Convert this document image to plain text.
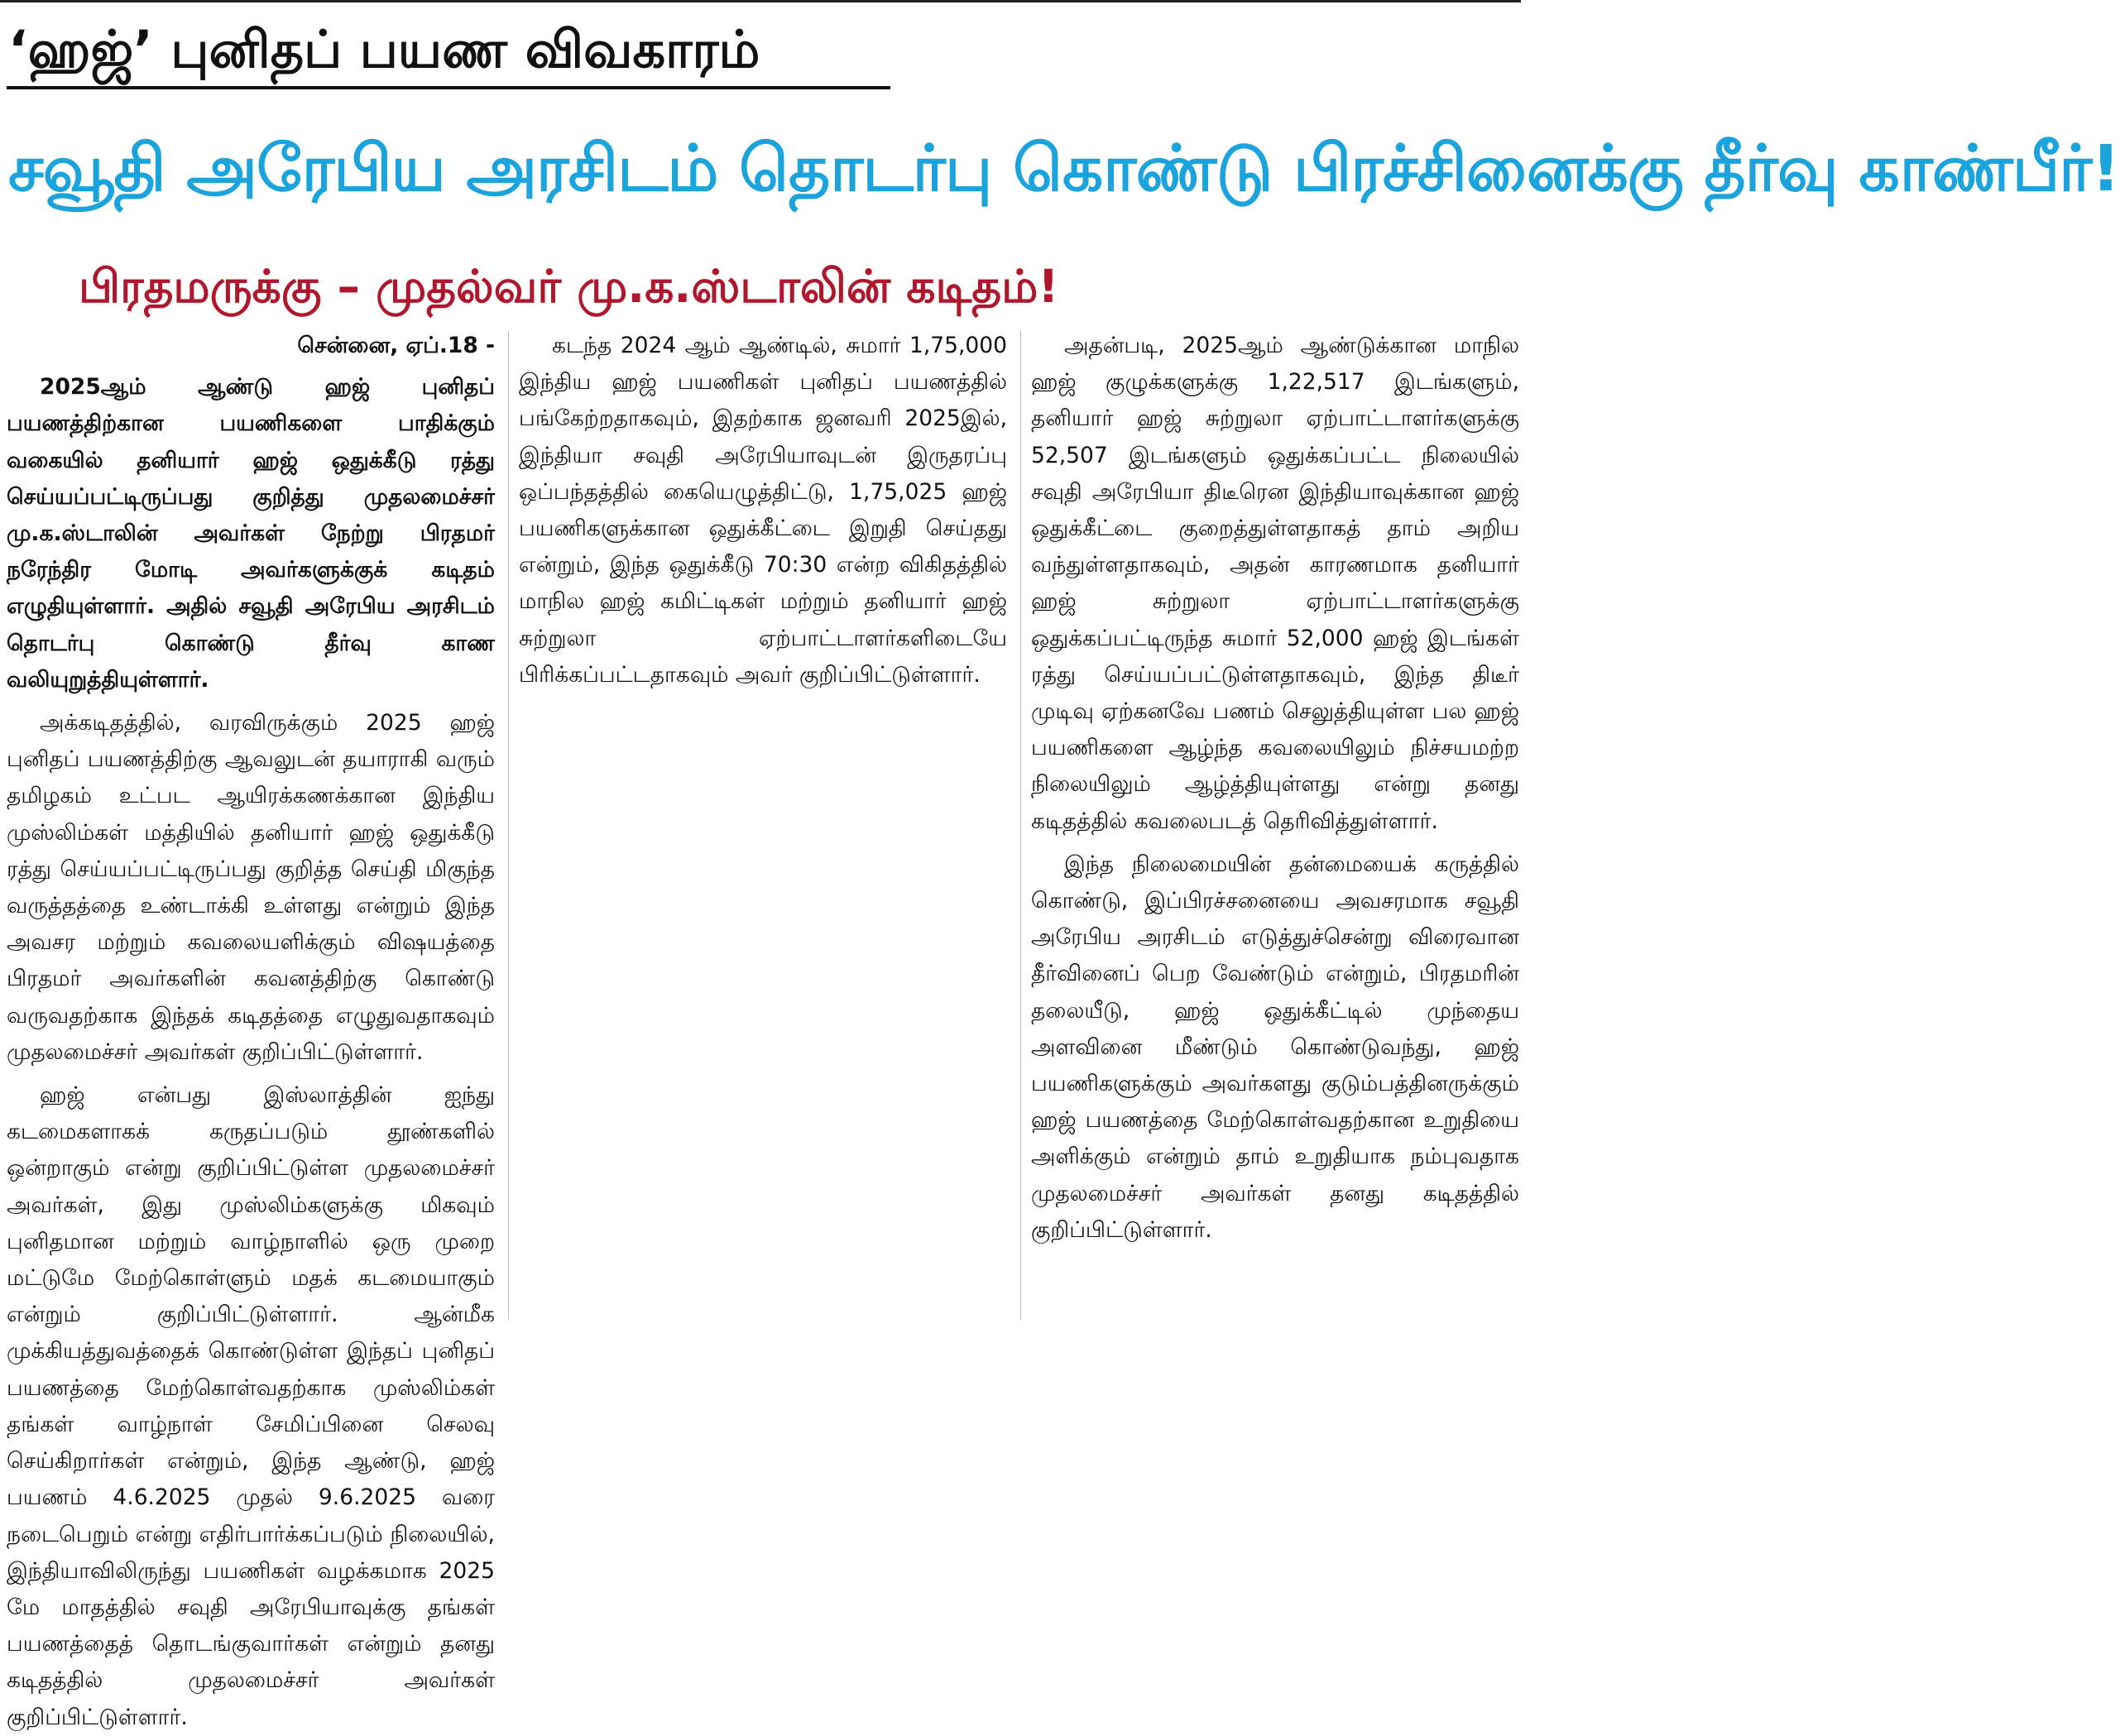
‘ஹஜ்’ புனிதப் பயண விவகாரம்
சவூதி அரேபிய அரசிடம் தொடர்பு கொண்டு பிரச்சினைக்கு தீர்வு காண்பீர்!
பிரதமருக்கு – முதல்வர் மு.க.ஸ்டாலின் கடிதம்!
சென்னை, ஏப்.18 -

2025ஆம் ஆண்டு ஹஜ் புனிதப் பயணத்திற்கான பயணிகளை பாதிக்கும் வகையில் தனியார் ஹஜ் ஒதுக்கீடு ரத்து செய்யப்பட்டிருப்பது குறித்து முதலமைச்சர் மு.க.ஸ்டாலின் அவர்கள் நேற்று பிரதமர் நரேந்திர மோடி அவர்களுக்குக் கடிதம் எழுதியுள்ளார். அதில் சவூதி அரேபிய அரசிடம் தொடர்பு கொண்டு தீர்வு காண வலியுறுத்தியுள்ளார்.

அக்கடிதத்தில், வரவிருக்கும் 2025 ஹஜ் புனிதப் பயணத்திற்கு ஆவலுடன் தயாராகி வரும் தமிழகம் உட்பட ஆயிரக்கணக்கான இந்திய முஸ்லிம்கள் மத்தியில் தனியார் ஹஜ் ஒதுக்கீடு ரத்து செய்யப்பட்டிருப்பது குறித்த செய்தி மிகுந்த வருத்தத்தை உண்டாக்கி உள்ளது என்றும் இந்த அவசர மற்றும் கவலையளிக்கும் விஷயத்தை பிரதமர் அவர்களின் கவனத்திற்கு கொண்டு வருவதற்காக இந்தக் கடிதத்தை எழுதுவதாகவும் முதலமைச்சர் அவர்கள் குறிப்பிட்டுள்ளார்.

ஹஜ் என்பது இஸ்லாத்தின் ஐந்து கடமைகளாகக் கருதப்படும் தூண்களில் ஒன்றாகும் என்று குறிப்பிட்டுள்ள முதலமைச்சர் அவர்கள், இது முஸ்லிம்களுக்கு மிகவும் புனிதமான மற்றும் வாழ்நாளில் ஒரு முறை மட்டுமே மேற்கொள்ளும் மதக் கடமையாகும் என்றும் குறிப்பிட்டுள்ளார். ஆன்மீக முக்கியத்துவத்தைக் கொண்டுள்ள இந்தப் புனிதப் பயணத்தை மேற்கொள்வதற்காக முஸ்லிம்கள் தங்கள் வாழ்நாள் சேமிப்பினை செலவு செய்கிறார்கள் என்றும், இந்த ஆண்டு, ஹஜ் பயணம் 4.6.2025 முதல் 9.6.2025 வரை நடைபெறும் என்று எதிர்பார்க்கப்படும் நிலையில், இந்தியாவிலிருந்து பயணிகள் வழக்கமாக 2025 மே மாதத்தில் சவுதி அரேபியாவுக்கு தங்கள் பயணத்தைத் தொடங்குவார்கள் என்றும் தனது கடிதத்தில் முதலமைச்சர் அவர்கள் குறிப்பிட்டுள்ளார்.

கடந்த 2024 ஆம் ஆண்டில், சுமார் 1,75,000 இந்திய ஹஜ் பயணிகள் புனிதப் பயணத்தில் பங்கேற்றதாகவும், இதற்காக ஜனவரி 2025இல், இந்தியா சவுதி அரேபியாவுடன் இருதரப்பு ஒப்பந்தத்தில் கையெழுத்திட்டு, 1,75,025 ஹஜ் பயணிகளுக்கான ஒதுக்கீட்டை இறுதி செய்தது என்றும், இந்த ஒதுக்கீடு 70:30 என்ற விகிதத்தில் மாநில ஹஜ் கமிட்டிகள் மற்றும் தனியார் ஹஜ் சுற்றுலா ஏற்பாட்டாளர்களிடையே பிரிக்கப்பட்டதாகவும் அவர் குறிப்பிட்டுள்ளார்.

அதன்படி, 2025ஆம் ஆண்டுக்கான மாநில ஹஜ் குழுக்களுக்கு 1,22,517 இடங்களும், தனியார் ஹஜ் சுற்றுலா ஏற்பாட்டாளர்களுக்கு 52,507 இடங்களும் ஒதுக்கப்பட்ட நிலையில் சவுதி அரேபியா திடீரென இந்தியாவுக்கான ஹஜ் ஒதுக்கீட்டை குறைத்துள்ளதாகத் தாம் அறிய வந்துள்ளதாகவும், அதன் காரணமாக தனியார் ஹஜ் சுற்றுலா ஏற்பாட்டாளர்களுக்கு ஒதுக்கப்பட்டிருந்த சுமார் 52,000 ஹஜ் இடங்கள் ரத்து செய்யப்பட்டுள்ளதாகவும், இந்த திடீர் முடிவு ஏற்கனவே பணம் செலுத்தியுள்ள பல ஹஜ் பயணிகளை ஆழ்ந்த கவலையிலும் நிச்சயமற்ற நிலையிலும் ஆழ்த்தியுள்ளது என்று தனது கடிதத்தில் கவலைபடத் தெரிவித்துள்ளார்.

இந்த நிலைமையின் தன்மையைக் கருத்தில் கொண்டு, இப்பிரச்சனையை அவசரமாக சவூதி அரேபிய அரசிடம் எடுத்துச்சென்று விரைவான தீர்வினைப் பெற வேண்டும் என்றும், பிரதமரின் தலையீடு, ஹஜ் ஒதுக்கீட்டில் முந்தைய அளவினை மீண்டும் கொண்டுவந்து, ஹஜ் பயணிகளுக்கும் அவர்களது குடும்பத்தினருக்கும் ஹஜ் பயணத்தை மேற்கொள்வதற்கான உறுதியை அளிக்கும் என்றும் தாம் உறுதியாக நம்புவதாக முதலமைச்சர் அவர்கள் தனது கடிதத்தில் குறிப்பிட்டுள்ளார்.
